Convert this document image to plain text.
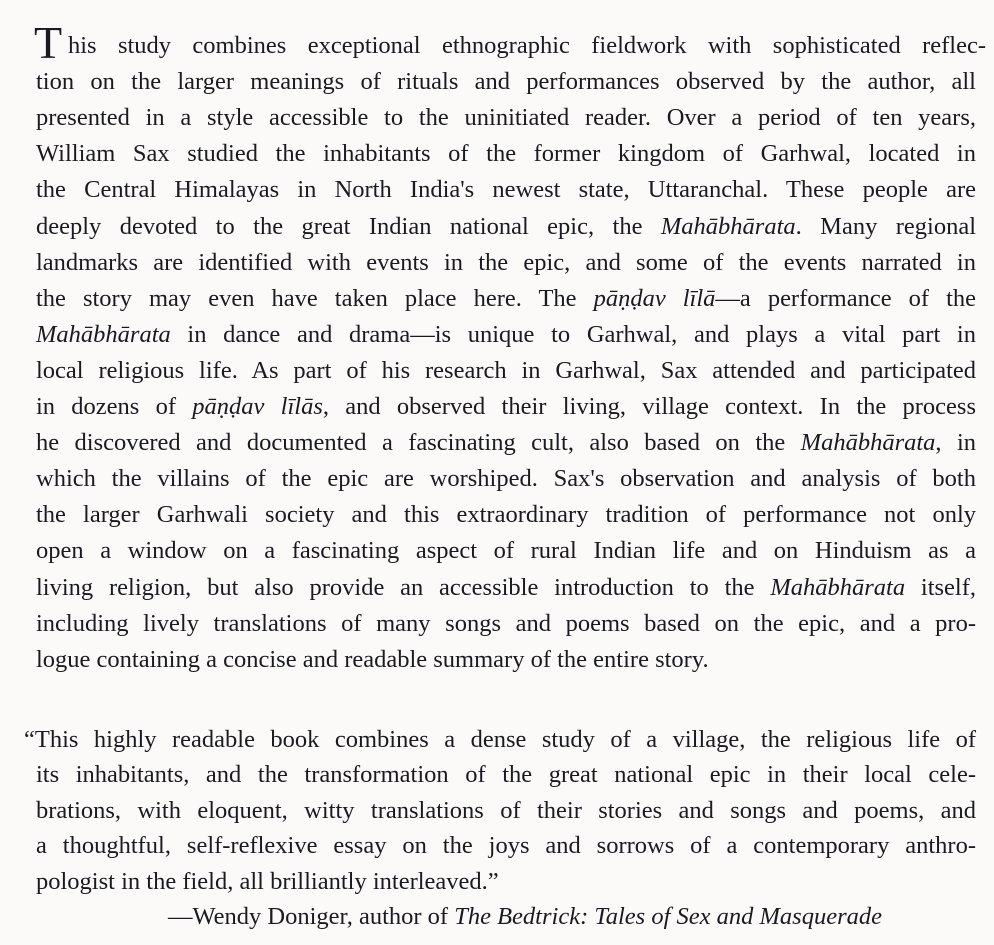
T his study combines exceptional ethnographic fieldwork with sophisticated reflec-
tion on the larger meanings of rituals and performances observed by the author, all
presented in a style accessible to the uninitiated reader. Over a period of ten years,
William Sax studied the inhabitants of the former kingdom of Garhwal, located in
the Central Himalayas in North India's newest state, Uttaranchal. These people are
deeply devoted to the great Indian national epic, the Mahābhārata. Many regional
landmarks are identified with events in the epic, and some of the events narrated in
the story may even have taken place here. The pāṇḍav līlā—a performance of the
Mahābhārata in dance and drama—is unique to Garhwal, and plays a vital part in
local religious life. As part of his research in Garhwal, Sax attended and participated
in dozens of pāṇḍav līlās, and observed their living, village context. In the process
he discovered and documented a fascinating cult, also based on the Mahābhārata, in
which the villains of the epic are worshiped. Sax's observation and analysis of both
the larger Garhwali society and this extraordinary tradition of performance not only
open a window on a fascinating aspect of rural Indian life and on Hinduism as a
living religion, but also provide an accessible introduction to the Mahābhārata itself,
including lively translations of many songs and poems based on the epic, and a pro-
logue containing a concise and readable summary of the entire story.
“This highly readable book combines a dense study of a village, the religious life of
its inhabitants, and the transformation of the great national epic in their local cele-
brations, with eloquent, witty translations of their stories and songs and poems, and
a thoughtful, self-reflexive essay on the joys and sorrows of a contemporary anthro-
pologist in the field, all brilliantly interleaved.”
—Wendy Doniger, author of The Bedtrick: Tales of Sex and Masquerade
